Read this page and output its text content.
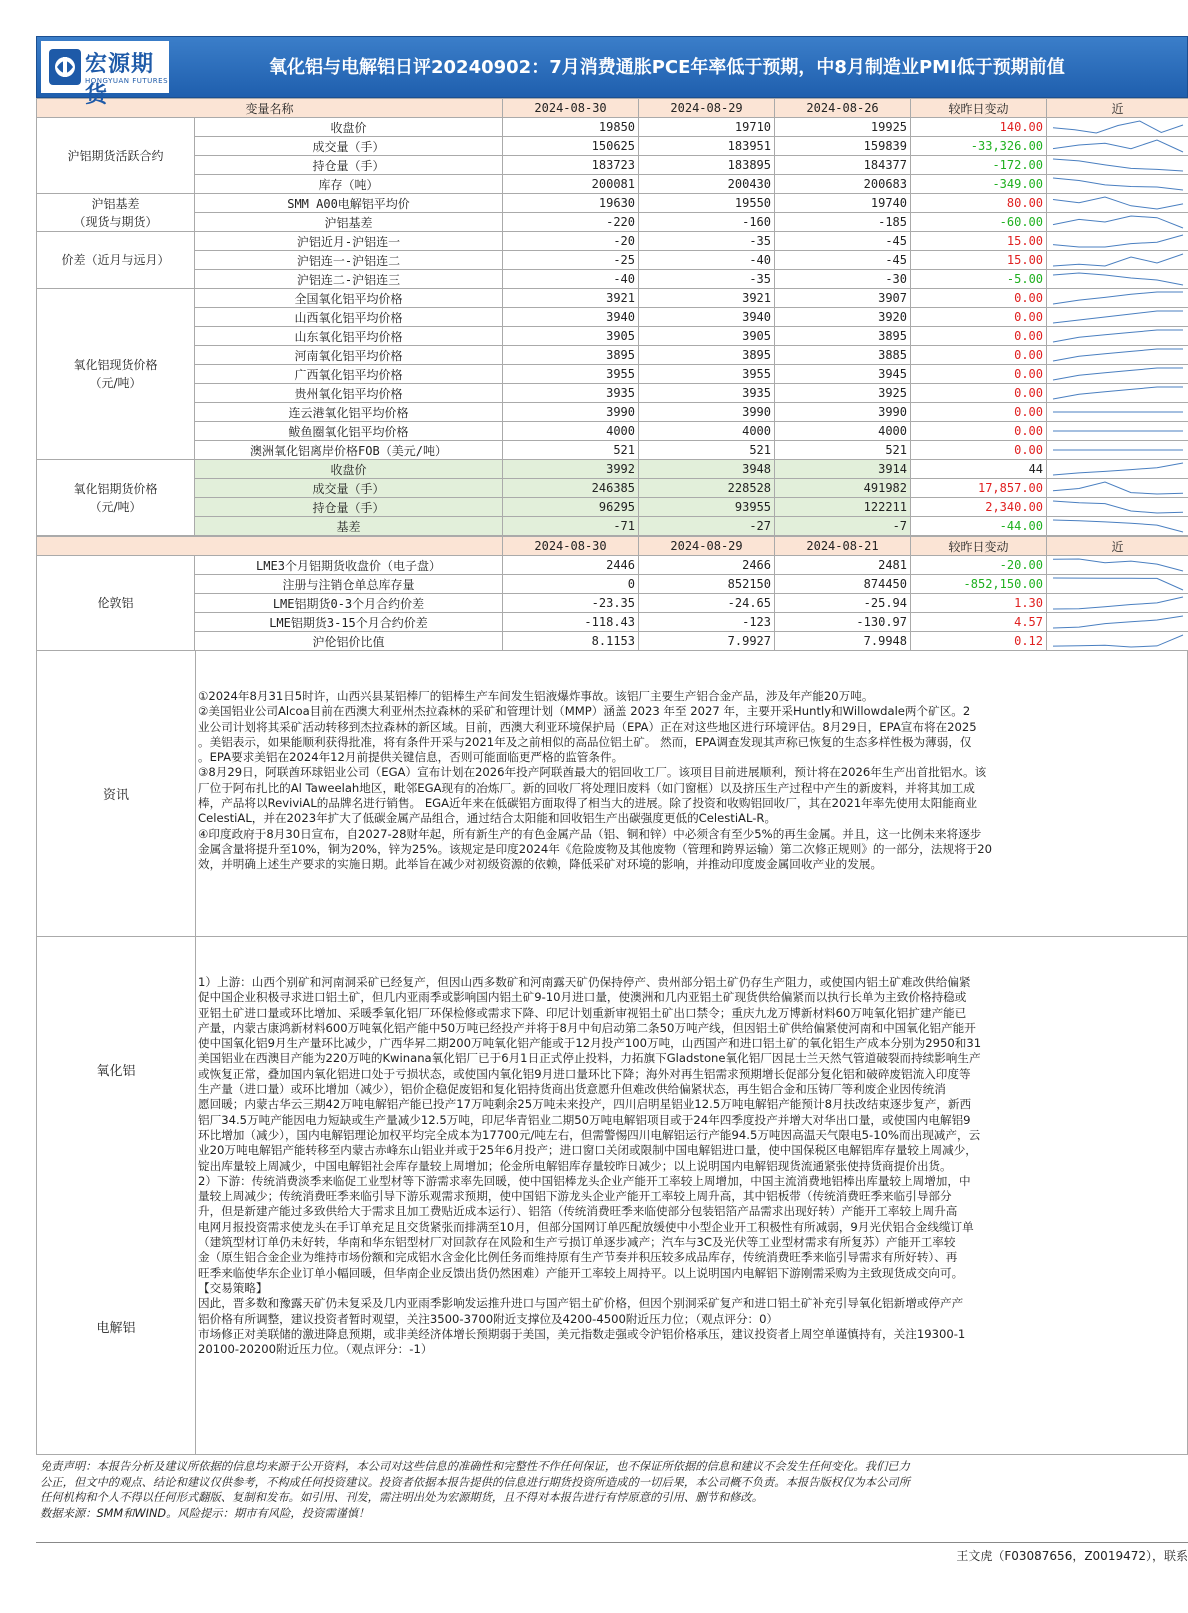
宏源期货
HONGYUAN FUTURES
氧化铝与电解铝日评20240902：7月消费通胀PCE年率低于预期，中8月制造业PMI低于预期前值
变量名称		2024-08-30	2024-08-29	2024-08-26	较昨日变动	近
沪铝期货活跃合约	收盘价	19850	19710	19925	140.00	

	成交量（手）	150625	183951	159839	-33,326.00	

	持仓量（手）	183723	183895	184377	-172.00	

	库存（吨）	200081	200430	200683	-349.00	

沪铝基差
（现货与期货）	SMM A00电解铝平均价	19630	19550	19740	80.00	

	沪铝基差	-220	-160	-185	-60.00	

价差（近月与远月）	沪铝近月-沪铝连一	-20	-35	-45	15.00	

	沪铝连一-沪铝连二	-25	-40	-45	15.00	

	沪铝连二-沪铝连三	-40	-35	-30	-5.00	

氧化铝现货价格
（元/吨）	全国氧化铝平均价格	3921	3921	3907	0.00	

	山西氧化铝平均价格	3940	3940	3920	0.00	

	山东氧化铝平均价格	3905	3905	3895	0.00	

	河南氧化铝平均价格	3895	3895	3885	0.00	

	广西氧化铝平均价格	3955	3955	3945	0.00	

	贵州氧化铝平均价格	3935	3935	3925	0.00	

	连云港氧化铝平均价格	3990	3990	3990	0.00	

	鲅鱼圈氧化铝平均价格	4000	4000	4000	0.00	

	澳洲氧化铝离岸价格FOB（美元/吨）	521	521	521	0.00	

氧化铝期货价格
（元/吨）	收盘价	3992	3948	3914	44	

	成交量（手）	246385	228528	491982	17,857.00	

	持仓量（手）	96295	93955	122211	2,340.00	

	基差	-71	-27	-7	-44.00	
		2024-08-30	2024-08-29	2024-08-21	较昨日变动	近
伦敦铝	LME3个月铝期货收盘价（电子盘）	2446	2466	2481	-20.00	

	注册与注销仓单总库存量	0	852150	874450	-852,150.00	

	LME铝期货0-3个月合约价差	-23.35	-24.65	-25.94	1.30	

	LME铝期货3-15个月合约价差	-118.43	-123	-130.97	4.57	

	沪伦铝价比值	8.1153	7.9927	7.9948	0.12	
资讯
①2024年8月31日5时许，山西兴县某铝棒厂的铝棒生产车间发生铝液爆炸事故。该铝厂主要生产铝合金产品，涉及年产能20万吨。
②美国铝业公司Alcoa目前在西澳大利亚州杰拉森林的采矿和管理计划（MMP）涵盖 2023 年至 2027 年，主要开采Huntly和Willowdale两个矿区。2
业公司计划将其采矿活动转移到杰拉森林的新区域。目前，西澳大利亚环境保护局（EPA）正在对这些地区进行环境评估。8月29日，EPA宣布将在2025
。美铝表示，如果能顺利获得批准，将有条件开采与2021年及之前相似的高品位铝土矿。 然而，EPA调查发现其声称已恢复的生态多样性极为薄弱，仅
。EPA要求美铝在2024年12月前提供关键信息，否则可能面临更严格的监管条件。
③8月29日，阿联酋环球铝业公司（EGA）宣布计划在2026年投产阿联酋最大的铝回收工厂。该项目目前进展顺利，预计将在2026年生产出首批铝水。该
厂位于阿布扎比的Al Taweelah地区，毗邻EGA现有的冶炼厂。新的回收厂将处理旧废料（如门窗框）以及挤压生产过程中产生的新废料，并将其加工成
棒，产品将以ReviviAL的品牌名进行销售。 EGA近年来在低碳铝方面取得了相当大的进展。除了投资和收购铝回收厂，其在2021年率先使用太阳能商业
CelestiAL，并在2023年扩大了低碳金属产品组合，通过结合太阳能和回收铝生产出碳强度更低的CelestiAL-R。
④印度政府于8月30日宣布，自2027-28财年起，所有新生产的有色金属产品（铝、铜和锌）中必须含有至少5%的再生金属。并且，这一比例未来将逐步
金属含量将提升至10%，铜为20%，锌为25%。该规定是印度2024年《危险废物及其他废物（管理和跨界运输）第二次修正规则》的一部分，法规将于20
效，并明确上述生产要求的实施日期。此举旨在减少对初级资源的依赖，降低采矿对环境的影响，并推动印度废金属回收产业的发展。
氧化铝
电解铝
1）上游：山西个别矿和河南洞采矿已经复产，但因山西多数矿和河南露天矿仍保持停产、贵州部分铝土矿仍存生产阻力，或使国内铝土矿难改供给偏紧
促中国企业积极寻求进口铝土矿，但几内亚雨季或影响国内铝土矿9-10月进口量，使澳洲和几内亚铝土矿现货供给偏紧而以执行长单为主致价格持稳或
亚铝土矿进口量或环比增加、采暖季氧化铝厂环保检修或需求下降、印尼计划重新审视铝土矿出口禁令；重庆九龙万博新材料60万吨氧化铝扩建产能已
产量，内蒙古康鸿新材料600万吨氧化铝产能中50万吨已经投产并将于8月中旬启动第二条50万吨产线，但因铝土矿供给偏紧使河南和中国氧化铝产能开
使中国氧化铝9月生产量环比减少，广西华昇二期200万吨氧化铝产能或于12月投产100万吨，山西国产和进口铝土矿的氧化铝生产成本分别为2950和31
美国铝业在西澳目产能为220万吨的Kwinana氧化铝厂已于6月1日正式停止投料，力拓旗下Gladstone氧化铝厂因昆士兰天然气管道破裂而持续影响生产
或恢复正常，叠加国内氧化铝进口处于亏损状态，或使国内氧化铝9月进口量环比下降；海外对再生铝需求预期增长促部分复化铝和破碎废铝流入印度等
生产量（进口量）或环比增加（减少），铝价企稳促废铝和复化铝持货商出货意愿升但难改供给偏紧状态，再生铝合金和压铸厂等利废企业因传统消
愿回暖；内蒙古华云三期42万吨电解铝产能已投产17万吨剩余25万吨未来投产，四川启明星铝业12.5万吨电解铝产能预计8月扶改结束逐步复产，新西
铝厂34.5万吨产能因电力短缺或生产量减少12.5万吨，印尼华青铝业二期50万吨电解铝项目或于24年四季度投产并增大对华出口量，或使国内电解铝9
环比增加（减少），国内电解铝理论加权平均完全成本为17700元/吨左右，但需警惕四川电解铝运行产能94.5万吨因高温天气限电5-10%而出现减产，云
业20万吨电解铝产能转移至内蒙古赤峰东山铝业并或于25年6月投产；进口窗口关闭或限制中国电解铝进口量，使中国保税区电解铝库存量较上周减少，
锭出库量较上周减少，中国电解铝社会库存量较上周增加；伦金所电解铝库存量较昨日减少；以上说明国内电解铝现货流通紧张使持货商提价出货。
2）下游：传统消费淡季来临促工业型材等下游需求率先回暖，使中国铝棒龙头企业产能开工率较上周增加，中国主流消费地铝棒出库量较上周增加，中
量较上周减少；传统消费旺季来临引导下游乐观需求预期，使中国铝下游龙头企业产能开工率较上周升高，其中铝板带（传统消费旺季来临引导部分
升，但是新建产能过多致供给大于需求且加工费贴近成本运行）、铝箔（传统消费旺季来临使部分包装铝箔产品需求出现好转）产能开工率较上周升高
电网月报投资需求使龙头在手订单充足且交货紧张而排满至10月，但部分国网订单匹配放缓使中小型企业开工积极性有所减弱，9月光伏铝合金线缆订单
（建筑型材订单仍未好转，华南和华东铝型材厂对回款存在风险和生产亏损订单逐步减产；汽车与3C及光伏等工业型材需求有所复苏）产能开工率较
金（原生铝合金企业为维持市场份额和完成铝水含金化比例任务而维持原有生产节奏并积压较多成品库存，传统消费旺季来临引导需求有所好转）、再
旺季来临使华东企业订单小幅回暖，但华南企业反馈出货仍然困难）产能开工率较上周持平。以上说明国内电解铝下游刚需采购为主致现货成交向可。
【交易策略】
因此，晋多数和豫露天矿仍未复采及几内亚雨季影响发运推升进口与国产铝土矿价格，但因个别洞采矿复产和进口铝土矿补充引导氧化铝新增或停产产
铝价格有所调整，建议投资者暂时观望，关注3500-3700附近支撑位及4200-4500附近压力位；（观点评分：0）
市场修正对美联储的激进降息预期，或非美经济体增长预期弱于美国，美元指数走强或令沪铝价格承压，建议投资者上周空单谨慎持有，关注19300-1
20100-20200附近压力位。（观点评分：-1）
免责声明：本报告分析及建议所依据的信息均来源于公开资料，本公司对这些信息的准确性和完整性不作任何保证，也不保证所依据的信息和建议不会发生任何变化。我们已力
公正，但文中的观点、结论和建议仅供参考，不构成任何投资建议。投资者依据本报告提供的信息进行期货投资所造成的一切后果，本公司概不负责。本报告版权仅为本公司所
任何机构和个人不得以任何形式翻版、复制和发布。如引用、刊发，需注明出处为宏源期货，且不得对本报告进行有悖原意的引用、删节和修改。
数据来源：SMM和WIND。风险提示：期市有风险，投资需谨慎！
王文虎（F03087656，Z0019472），联系
